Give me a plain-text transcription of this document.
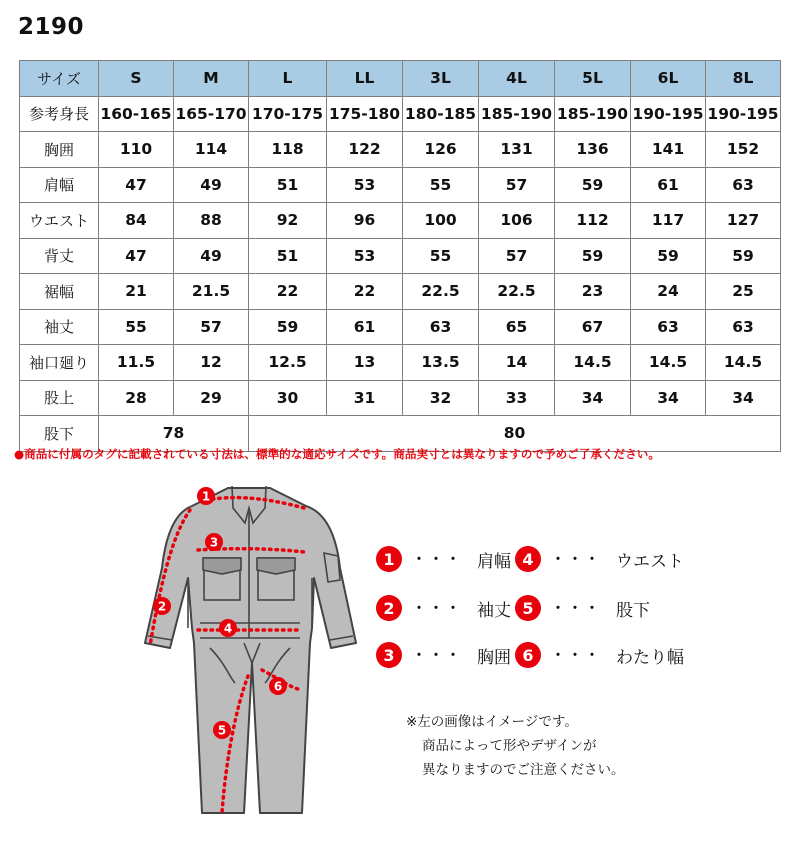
2190
サイズ	S	M	L	LL	3L	4L	5L	6L	8L
参考身長	160-165	165-170	170-175	175-180	180-185	185-190	185-190	190-195	190-195
胸囲	110	114	118	122	126	131	136	141	152
肩幅	47	49	51	53	55	57	59	61	63
ウエスト	84	88	92	96	100	106	112	117	127
背丈	47	49	51	53	55	57	59	59	59
裾幅	21	21.5	22	22	22.5	22.5	23	24	25
袖丈	55	57	59	61	63	65	67	63	63
袖口廻り	11.5	12	12.5	13	13.5	14	14.5	14.5	14.5
股上	28	29	30	31	32	33	34	34	34
股下	78		80						
●商品に付属のタグに記載されている寸法は、標準的な適応サイズです。商品実寸とは異なりますので予めご了承ください。
1
2
3
4
5
6
1	・・・ 肩幅
2	・・・ 袖丈
3	・・・ 胸囲
4	・・・ ウエスト
5	・・・ 股下
6	・・・ わたり幅
※左の画像はイメージです。
商品によって形やデザインが
異なりますのでご注意ください。
